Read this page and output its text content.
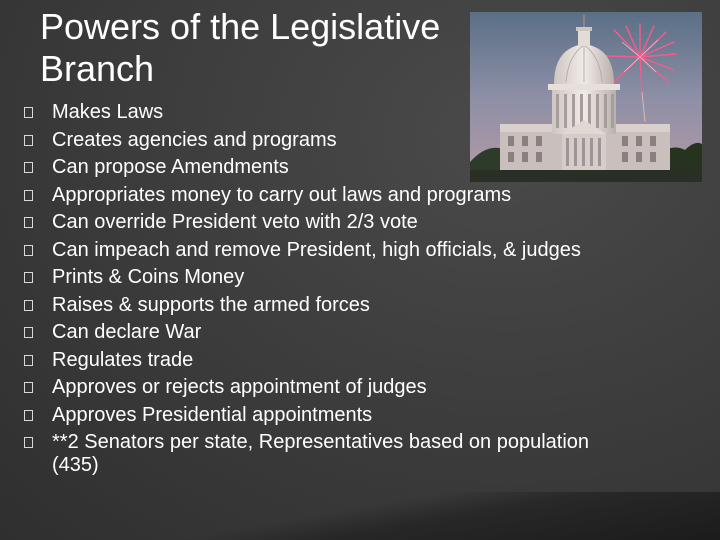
Powers of the Legislative Branch
Makes Laws
Creates agencies and programs
Can propose Amendments
Appropriates money to carry out laws and programs
Can override President veto with 2/3 vote
Can impeach and remove President, high officials, & judges
Prints & Coins Money
Raises & supports the armed forces
Can declare War
Regulates trade
Approves or rejects appointment of judges
Approves Presidential appointments
**2 Senators per state, Representatives based on population (435)
